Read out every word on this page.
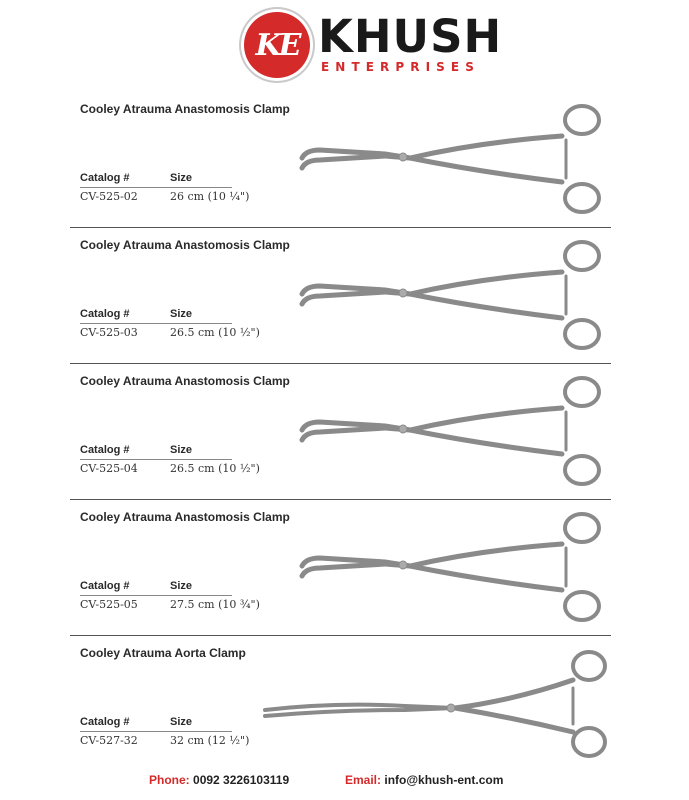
KE KHUSH
ENTERPRISES
Cooley Atrauma Anastomosis Clamp
Catalog #	Size
CV-525-02	26 cm (10 ¼")
Cooley Atrauma Anastomosis Clamp
Catalog #	Size
CV-525-03	26.5 cm (10 ½")
Cooley Atrauma Anastomosis Clamp
Catalog #	Size
CV-525-04	26.5 cm (10 ½")
Cooley Atrauma Anastomosis Clamp
Catalog #	Size
CV-525-05	27.5 cm (10 ¾")
Cooley Atrauma Aorta Clamp
Catalog #	Size
CV-527-32	32 cm (12 ½")
Phone: 0092 3226103119	Email: info@khush-ent.com
